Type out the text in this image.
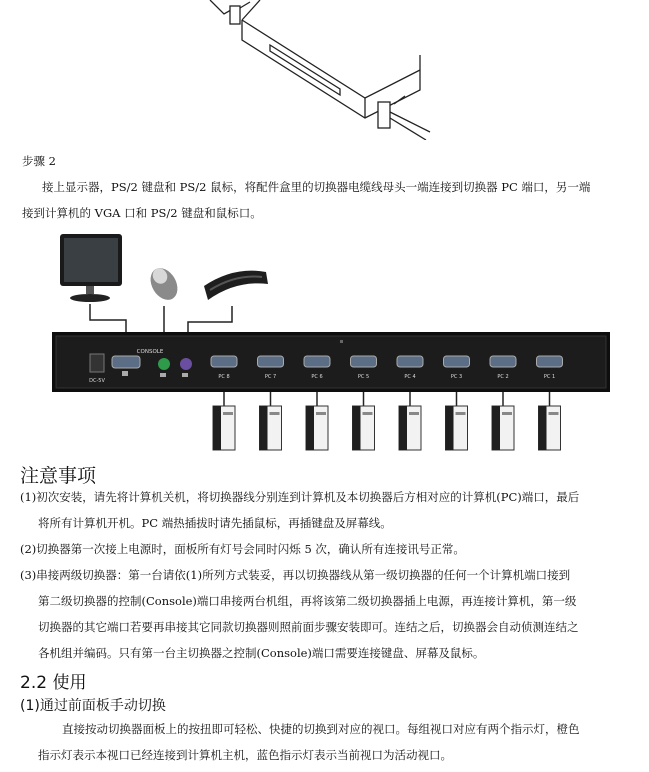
步骤 2
接上显示器，PS/2 键盘和 PS/2 鼠标，将配件盒里的切换器电缆线母头一端连接到切换器 PC 端口，另一端
接到计算机的 VGA 口和 PS/2 键盘和鼠标口。
DC-5V
CONSOLE
PC 8	PC 7	PC 6	PC 5	PC 4	PC 3	PC 2	PC 1
注意事项
(1)初次安装，请先将计算机关机，将切换器线分别连到计算机及本切换器后方相对应的计算机(PC)端口，最后
将所有计算机开机。PC 端热插拔时请先插鼠标，再插键盘及屏幕线。
(2)切换器第一次接上电源时，面板所有灯号会同时闪烁 5 次，确认所有连接讯号正常。
(3)串接两级切换器：第一台请依(1)所列方式装妥，再以切换器线从第一级切换器的任何一个计算机端口接到
第二级切换器的控制(Console)端口串接两台机组，再将该第二级切换器插上电源，再连接计算机，第一级
切换器的其它端口若要再串接其它同款切换器则照前面步骤安装即可。连结之后，切换器会自动侦测连结之
各机组并编码。只有第一台主切换器之控制(Console)端口需要连接键盘、屏幕及鼠标。
2.2 使用
(1)通过前面板手动切换
直接按动切换器面板上的按扭即可轻松、快捷的切换到对应的视口。每组视口对应有两个指示灯，橙色
指示灯表示本视口已经连接到计算机主机，蓝色指示灯表示当前视口为活动视口。
